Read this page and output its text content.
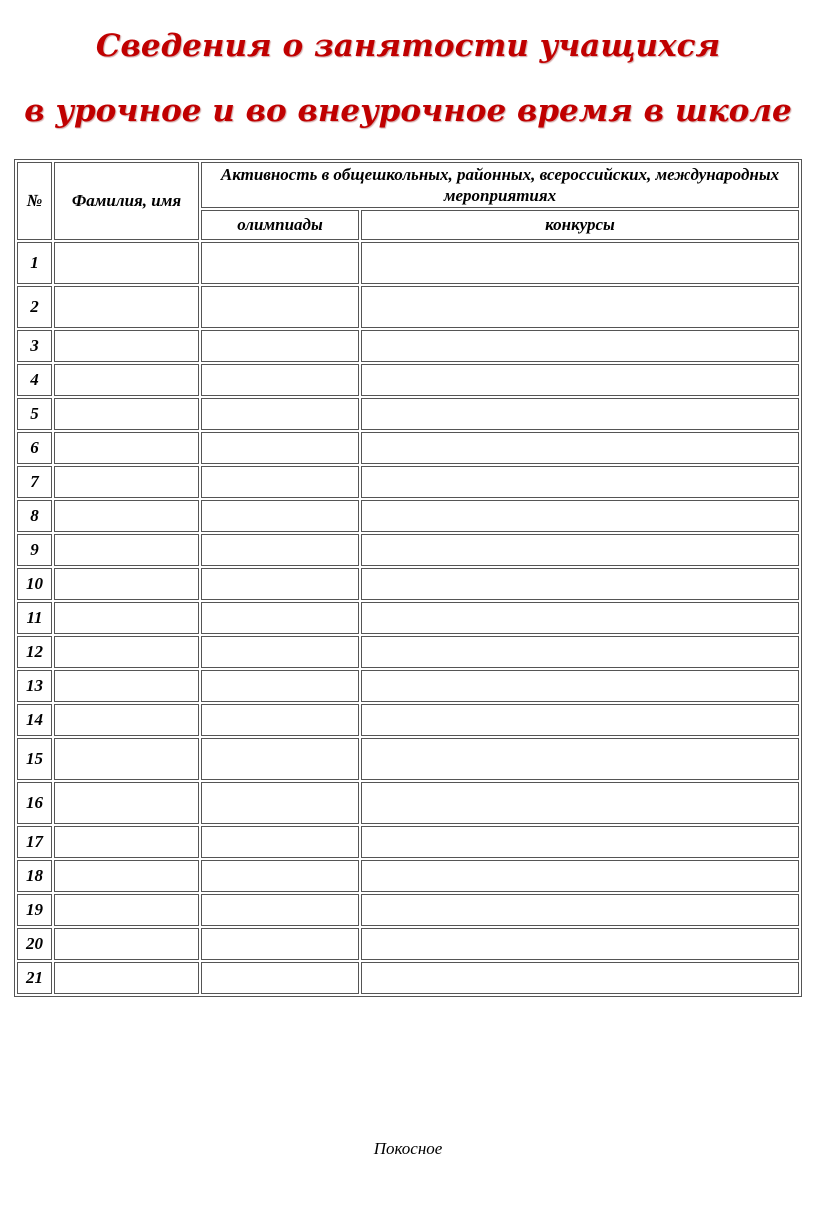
Сведения о занятости учащихся
в урочное и во внеурочное время в школе
№	Фамилия, имя	Активность в общешкольных, районных, всероссийских, международных мероприятиях	
		олимпиады	конкурсы
1			
2			
3			
4			
5			
6			
7			
8			
9			
10			
11			
12			
13			
14			
15			
16			
17			
18			
19			
20			
21			
Покосное
